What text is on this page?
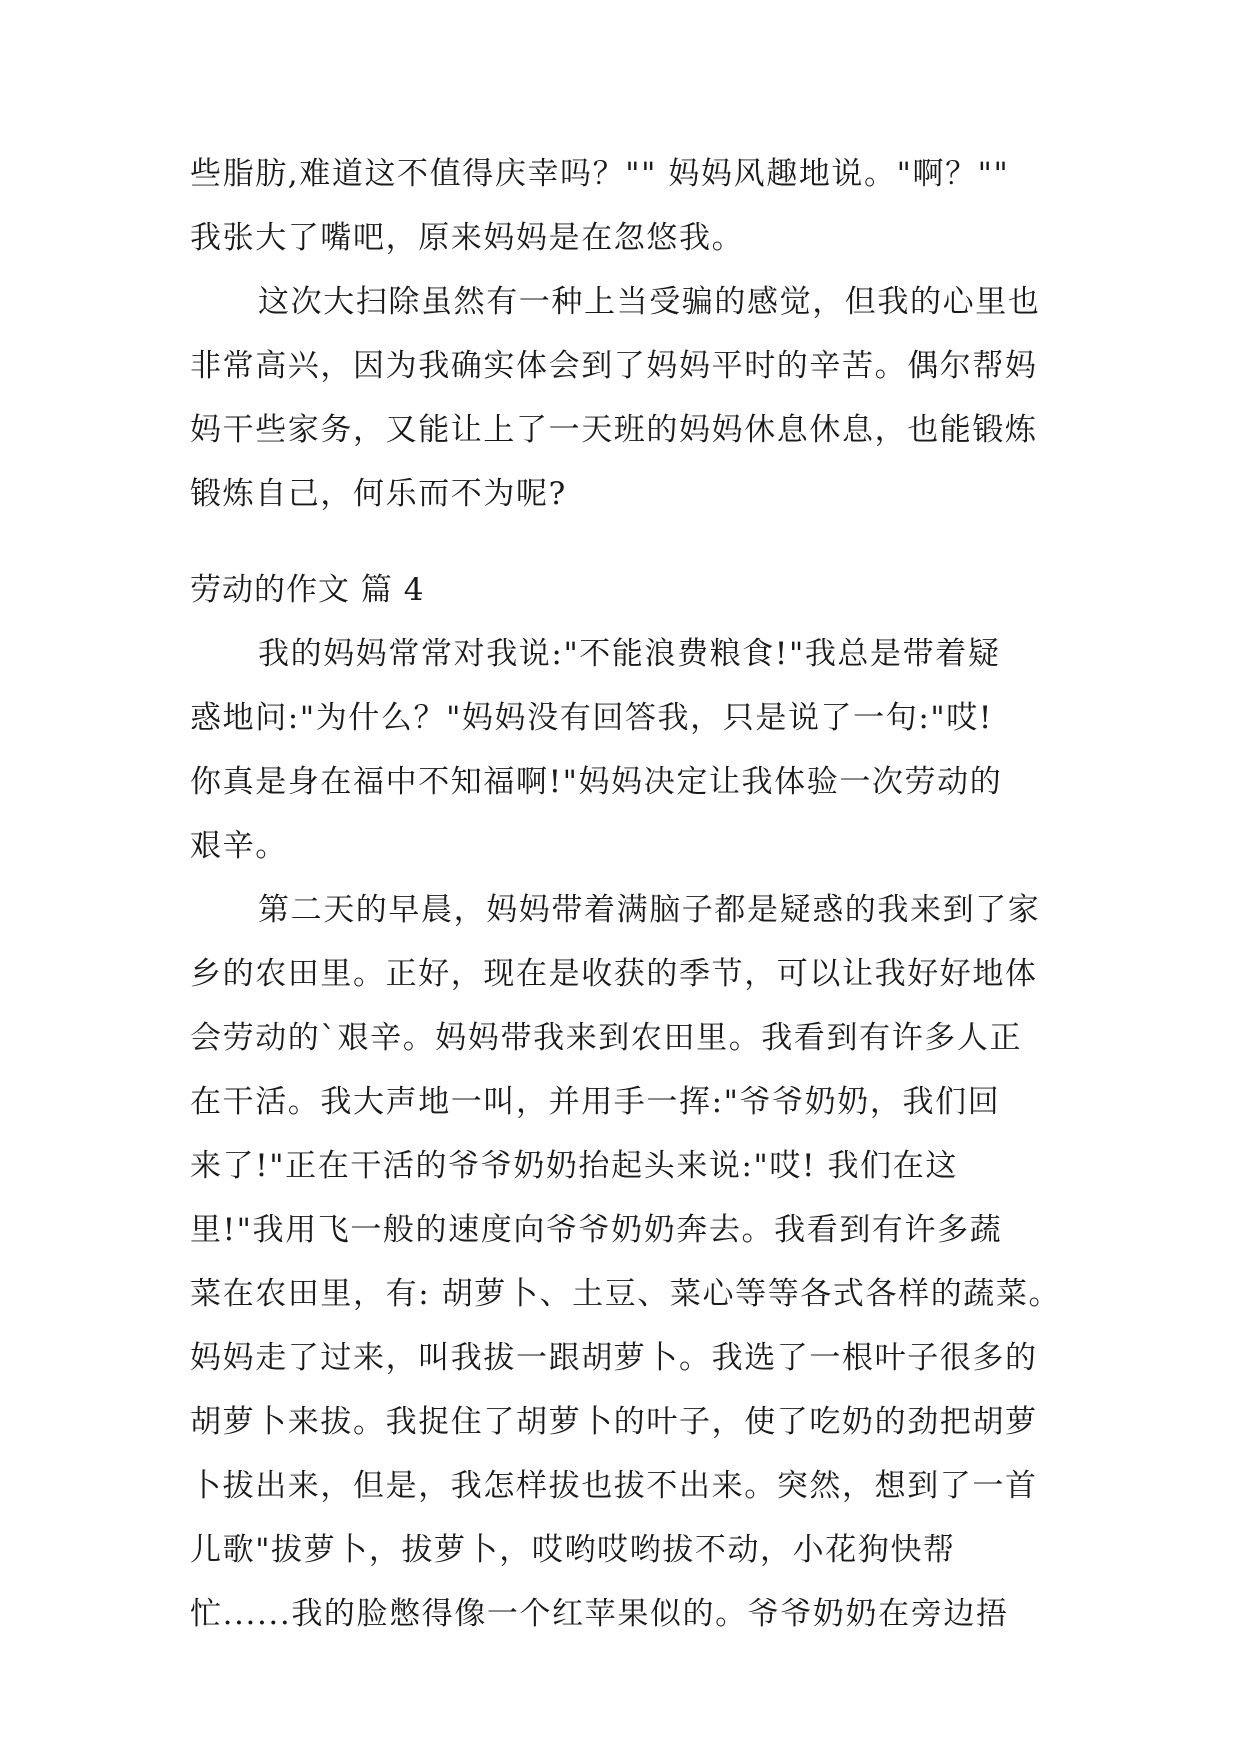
些脂肪,难道这不值得庆幸吗？"" 妈妈风趣地说。"啊？""
我张大了嘴吧，原来妈妈是在忽悠我。
这次大扫除虽然有一种上当受骗的感觉，但我的心里也
非常高兴，因为我确实体会到了妈妈平时的辛苦。偶尔帮妈
妈干些家务，又能让上了一天班的妈妈休息休息，也能锻炼
锻炼自己，何乐而不为呢?
劳动的作文 篇 4
我的妈妈常常对我说:"不能浪费粮食!"我总是带着疑
惑地问:"为什么？"妈妈没有回答我，只是说了一句:"哎!
你真是身在福中不知福啊!"妈妈决定让我体验一次劳动的
艰辛。
第二天的早晨，妈妈带着满脑子都是疑惑的我来到了家
乡的农田里。正好，现在是收获的季节，可以让我好好地体
会劳动的`艰辛。妈妈带我来到农田里。我看到有许多人正
在干活。我大声地一叫，并用手一挥:"爷爷奶奶，我们回
来了!"正在干活的爷爷奶奶抬起头来说:"哎! 我们在这
里!"我用飞一般的速度向爷爷奶奶奔去。我看到有许多蔬
菜在农田里，有: 胡萝卜、土豆、菜心等等各式各样的蔬菜。
妈妈走了过来，叫我拔一跟胡萝卜。我选了一根叶子很多的
胡萝卜来拔。我捉住了胡萝卜的叶子，使了吃奶的劲把胡萝
卜拔出来，但是，我怎样拔也拔不出来。突然，想到了一首
儿歌"拔萝卜，拔萝卜，哎哟哎哟拔不动，小花狗快帮
忙......我的脸憋得像一个红苹果似的。爷爷奶奶在旁边捂
